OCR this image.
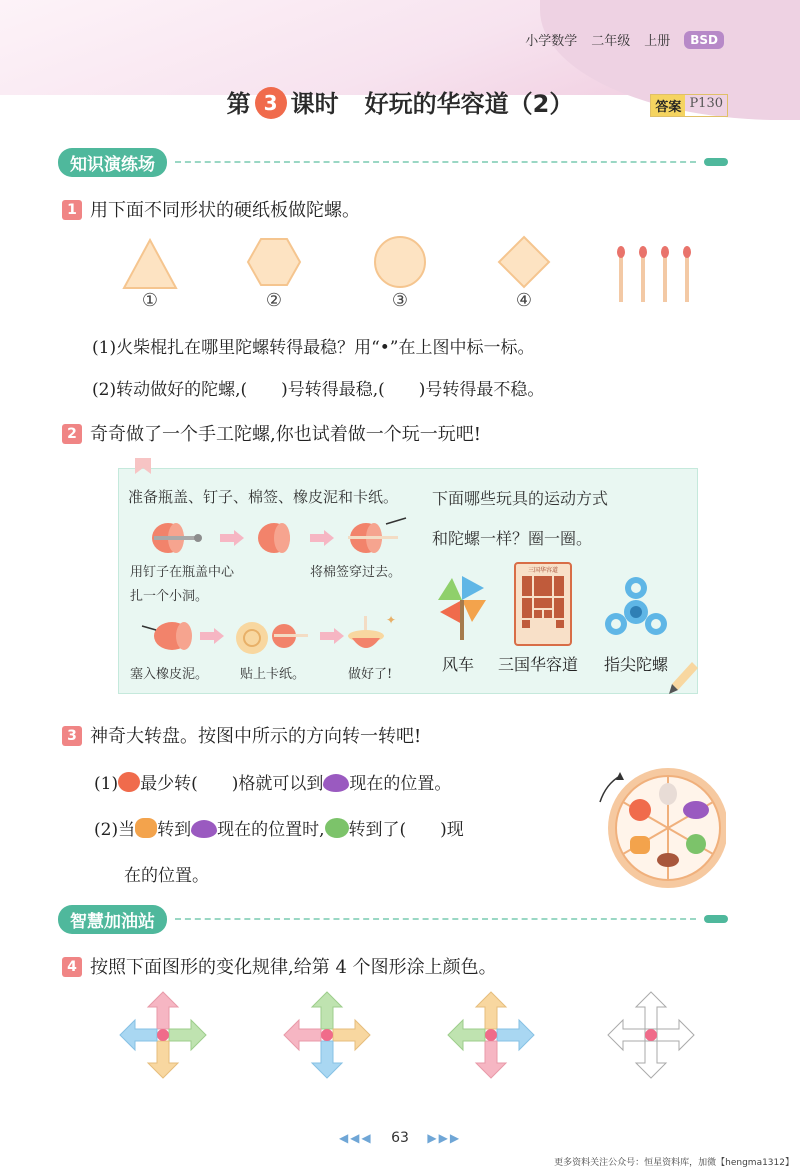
小学数学 二年级 上册	BSD
第 3 课时 好玩的华容道（2）	答案 P130
知识演练场
1 用下面不同形状的硬纸板做陀螺。
①	②	③	④
(1)火柴棍扎在哪里陀螺转得最稳？用“•”在上图中标一标。
(2)转动做好的陀螺,(　　)号转得最稳,(　　)号转得最不稳。
2 奇奇做了一个手工陀螺,你也试着做一个玩一玩吧!
准备瓶盖、钉子、棉签、橡皮泥和卡纸。
用钉子在瓶盖中心
扎一个小洞。
将棉签穿过去。
✦
塞入橡皮泥。 贴上卡纸。	做好了!
下面哪些玩具的运动方式
和陀螺一样？圈一圈。
三国华容道
风车 三国华容道 指尖陀螺
3 神奇大转盘。按图中所示的方向转一转吧!
(1) 最少转(　　)格就可以到 现在的位置。
(2)当 转到 现在的位置时, 转到了(　　)现
在的位置。
智慧加油站
4 按照下面图形的变化规律,给第 4 个图形涂上颜色。
◀◀◀ 63 ▶▶▶
更多资料关注公众号：恒星资料库，加微【hengma1312】
